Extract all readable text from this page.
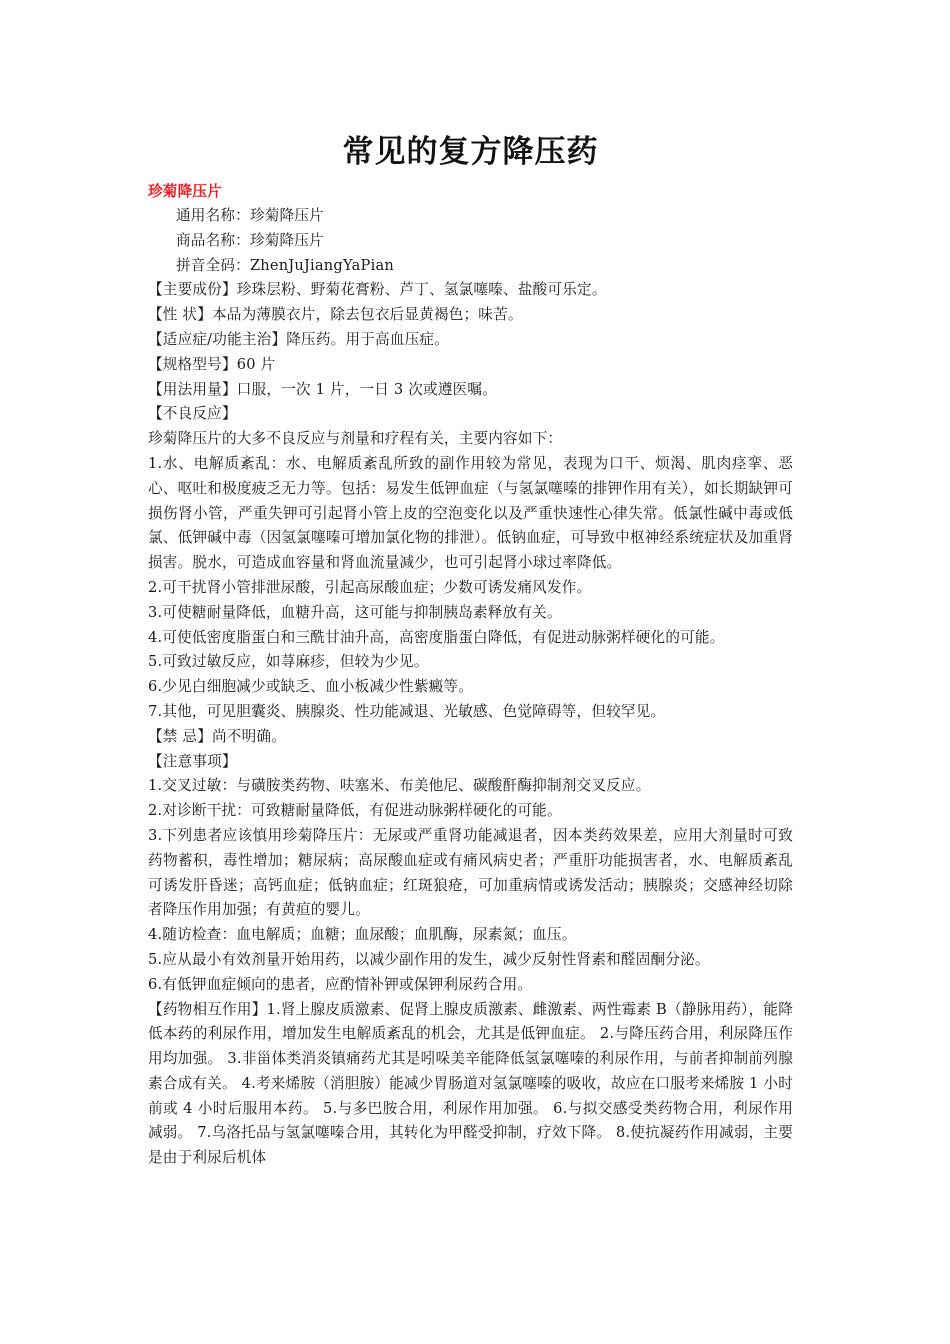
常见的复方降压药

珍菊降压片

通用名称：珍菊降压片

商品名称：珍菊降压片

拼音全码：ZhenJuJiangYaPian

【主要成份】珍珠层粉、野菊花膏粉、芦丁、氢氯噻嗪、盐酸可乐定。

【性 状】本品为薄膜衣片，除去包衣后显黄褐色；味苦。

【适应症/功能主治】降压药。用于高血压症。

【规格型号】60 片

【用法用量】口服，一次 1 片，一日 3 次或遵医嘱。

【不良反应】

珍菊降压片的大多不良反应与剂量和疗程有关，主要内容如下：

1.水、电解质紊乱：水、电解质紊乱所致的副作用较为常见，表现为口干、烦渴、肌肉痉挛、恶心、呕吐和极度疲乏无力等。包括：易发生低钾血症（与氢氯噻嗪的排钾作用有关），如长期缺钾可损伤肾小管，严重失钾可引起肾小管上皮的空泡变化以及严重快速性心律失常。低氯性碱中毒或低氯、低钾碱中毒（因氢氯噻嗪可增加氯化物的排泄）。低钠血症，可导致中枢神经系统症状及加重肾损害。脱水，可造成血容量和肾血流量减少，也可引起肾小球过率降低。

2.可干扰肾小管排泄尿酸，引起高尿酸血症；少数可诱发痛风发作。

3.可使糖耐量降低，血糖升高，这可能与抑制胰岛素释放有关。

4.可使低密度脂蛋白和三酰甘油升高，高密度脂蛋白降低，有促进动脉粥样硬化的可能。

5.可致过敏反应，如荨麻疹，但较为少见。

6.少见白细胞减少或缺乏、血小板减少性紫癜等。

7.其他，可见胆囊炎、胰腺炎、性功能减退、光敏感、色觉障碍等，但较罕见。

【禁 忌】尚不明确。

【注意事项】

1.交叉过敏：与磺胺类药物、呋塞米、布美他尼、碳酸酐酶抑制剂交叉反应。

2.对诊断干扰：可致糖耐量降低，有促进动脉粥样硬化的可能。

3.下列患者应该慎用珍菊降压片：无尿或严重肾功能减退者，因本类药效果差，应用大剂量时可致药物蓄积，毒性增加；糖尿病；高尿酸血症或有痛风病史者；严重肝功能损害者，水、电解质紊乱可诱发肝昏迷；高钙血症；低钠血症；红斑狼疮，可加重病情或诱发活动；胰腺炎；交感神经切除者降压作用加强；有黄疸的婴儿。

4.随访检查：血电解质；血糖；血尿酸；血肌酶，尿素氮；血压。

5.应从最小有效剂量开始用药，以减少副作用的发生，减少反射性肾素和醛固酮分泌。

6.有低钾血症倾向的患者，应酌情补钾或保钾利尿药合用。

【药物相互作用】1.肾上腺皮质激素、促肾上腺皮质激素、雌激素、两性霉素 B（静脉用药），能降低本药的利尿作用，增加发生电解质紊乱的机会，尤其是低钾血症。 2.与降压药合用，利尿降压作用均加强。 3.非甾体类消炎镇痛药尤其是吲哚美辛能降低氢氯噻嗪的利尿作用，与前者抑制前列腺素合成有关。 4.考来烯胺（消胆胺）能减少胃肠道对氢氯噻嗪的吸收，故应在口服考来烯胺 1 小时前或 4 小时后服用本药。 5.与多巴胺合用，利尿作用加强。 6.与拟交感受类药物合用，利尿作用减弱。 7.乌洛托品与氢氯噻嗪合用，其转化为甲醛受抑制，疗效下降。 8.使抗凝药作用减弱，主要是由于利尿后机体
